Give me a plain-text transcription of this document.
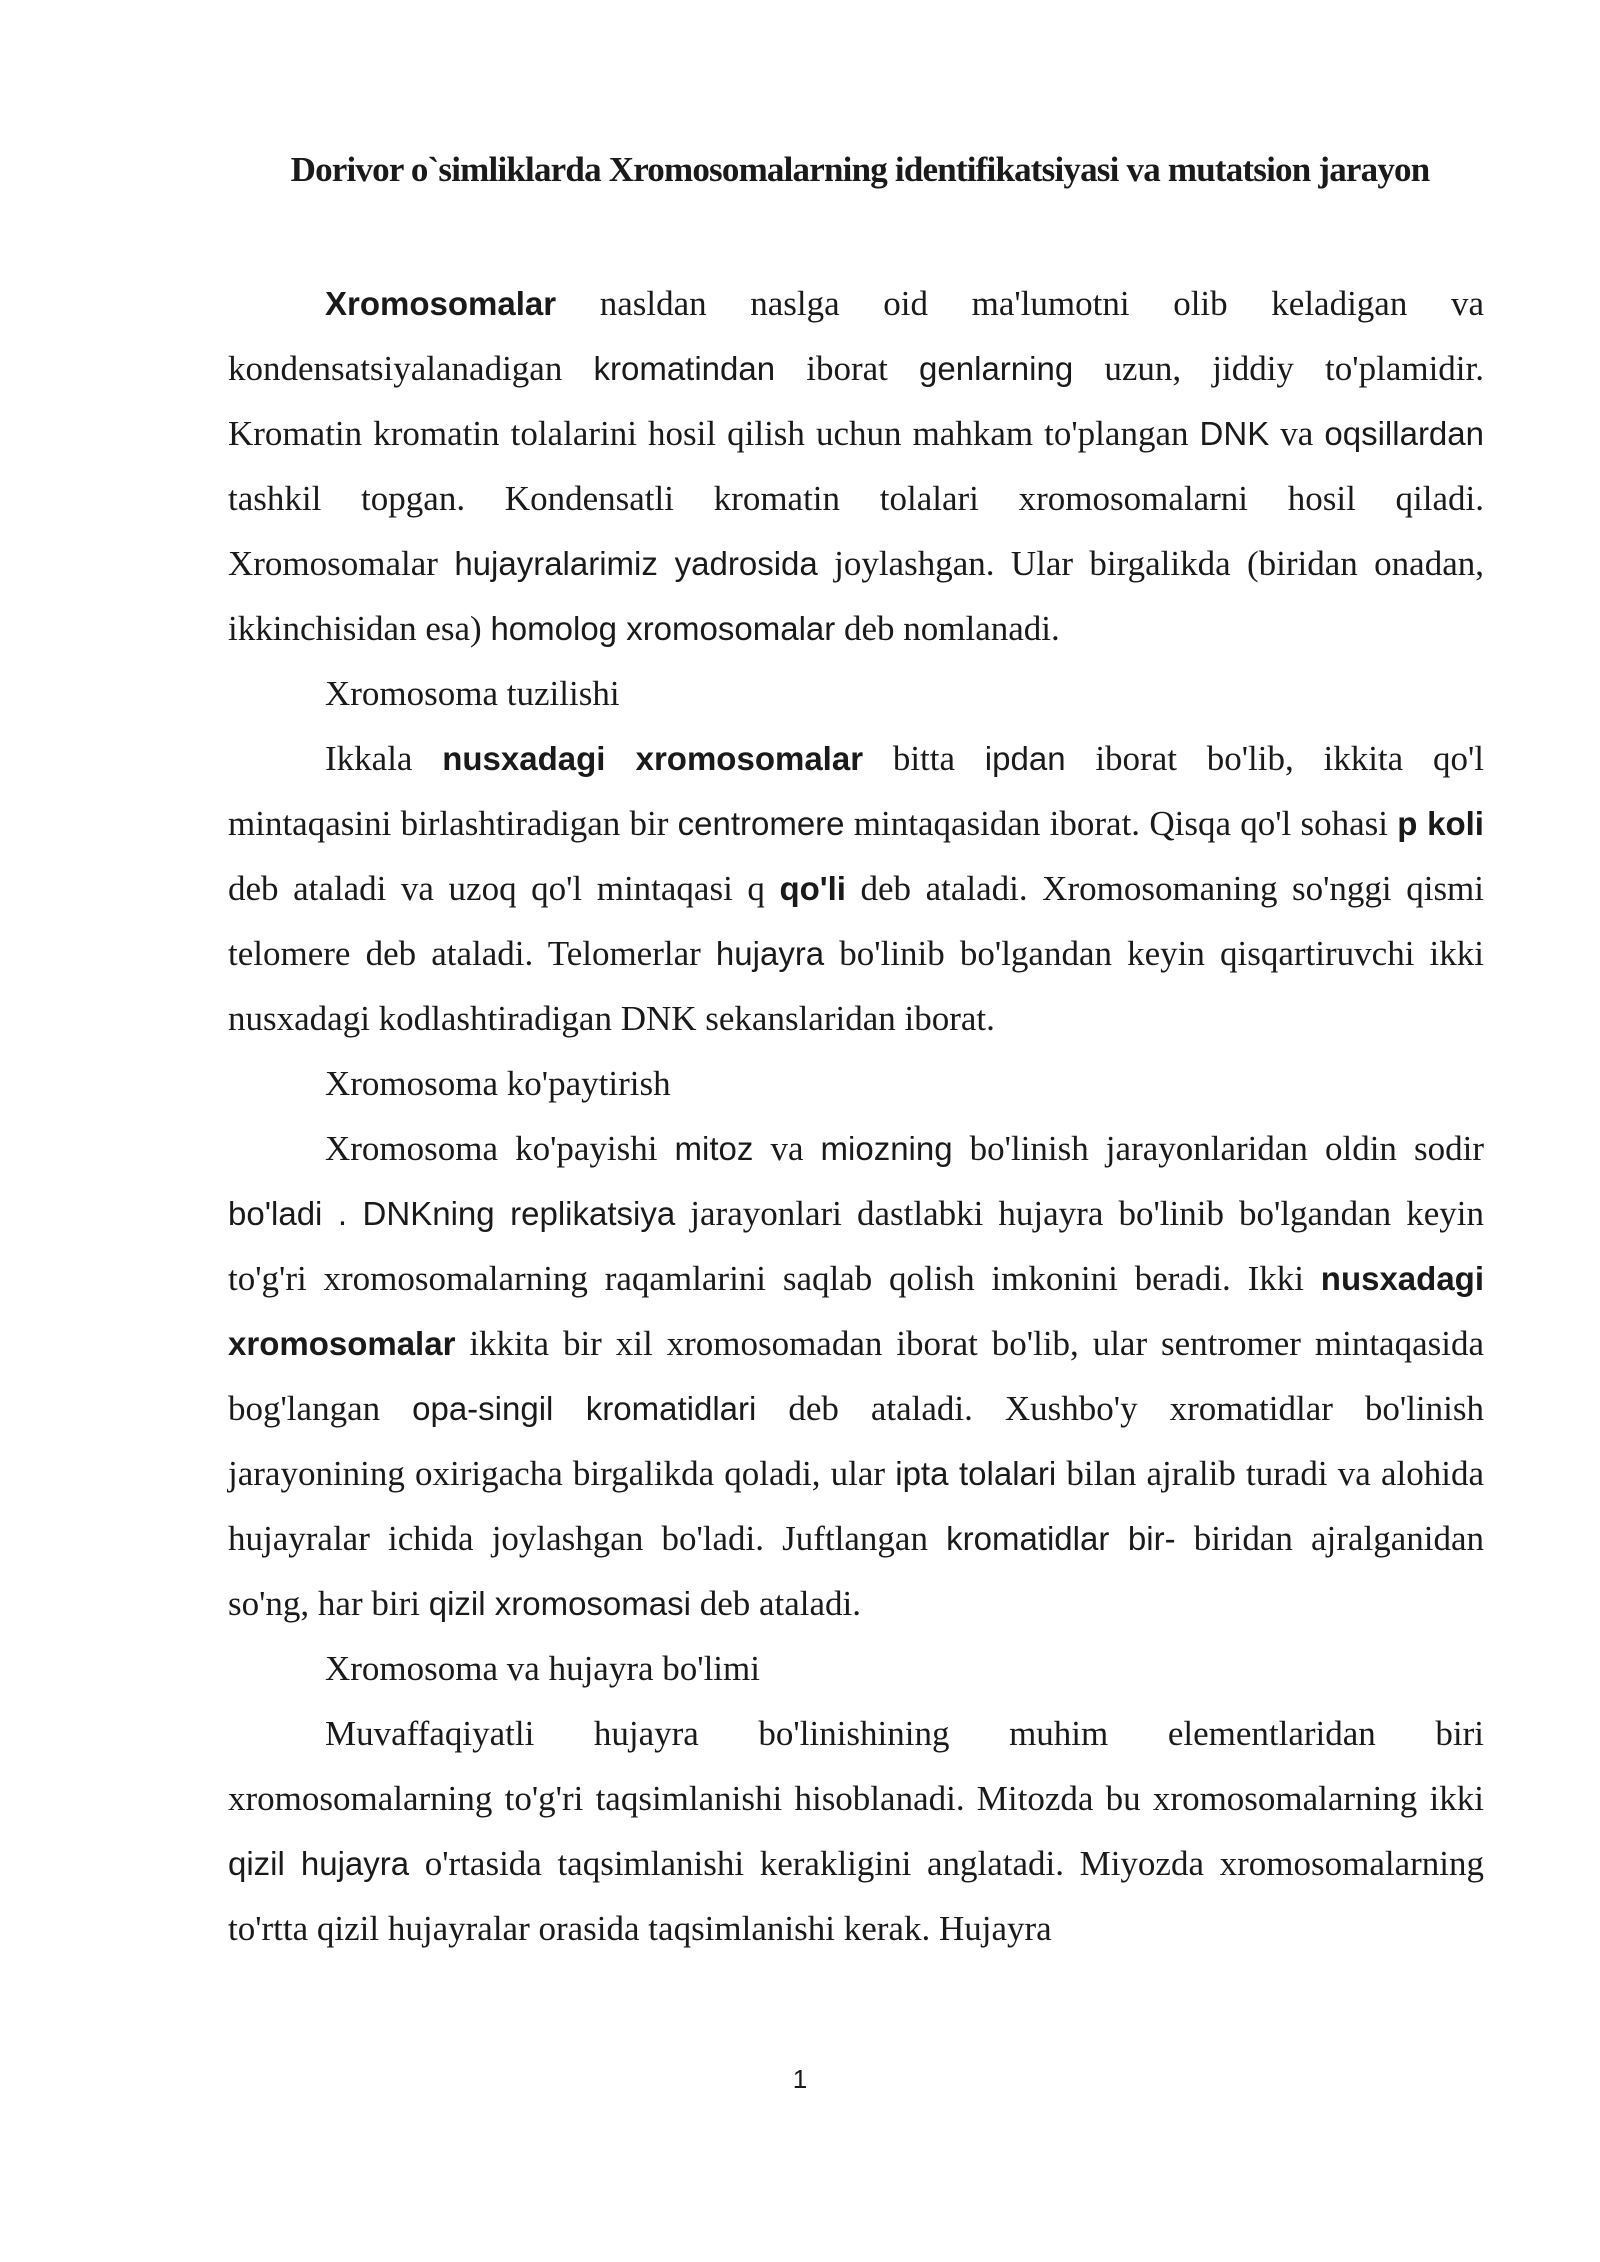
Dorivor o`simliklarda Xromosomalarning identifikatsiyasi va mutatsion jarayon

Xromosomalar nasldan naslga oid ma'lumotni olib keladigan va kondensatsiyalanadigan kromatindan iborat genlarning uzun, jiddiy to'plamidir. Kromatin kromatin tolalarini hosil qilish uchun mahkam to'plangan DNK va oqsillardan tashkil topgan. Kondensatli kromatin tolalari xromosomalarni hosil qiladi. Xromosomalar hujayralarimiz yadrosida joylashgan. Ular birgalikda (biridan onadan, ikkinchisidan esa) homolog xromosomalar deb nomlanadi.

Xromosoma tuzilishi

Ikkala nusxadagi xromosomalar bitta ipdan iborat bo'lib, ikkita qo'l mintaqasini birlashtiradigan bir centromere mintaqasidan iborat. Qisqa qo'l sohasi p koli deb ataladi va uzoq qo'l mintaqasi q qo'li deb ataladi. Xromosomaning so'nggi qismi telomere deb ataladi. Telomerlar hujayra bo'linib bo'lgandan keyin qisqartiruvchi ikki nusxadagi kodlashtiradigan DNK sekanslaridan iborat.

Xromosoma ko'paytirish

Xromosoma ko'payishi mitoz va miozning bo'linish jarayonlaridan oldin sodir bo'ladi . DNKning replikatsiya jarayonlari dastlabki hujayra bo'linib bo'lgandan keyin to'g'ri xromosomalarning raqamlarini saqlab qolish imkonini beradi. Ikki nusxadagi xromosomalar ikkita bir xil xromosomadan iborat bo'lib, ular sentromer mintaqasida bog'langan opa-singil kromatidlari deb ataladi. Xushbo'y xromatidlar bo'linish jarayonining oxirigacha birgalikda qoladi, ular ipta tolalari bilan ajralib turadi va alohida hujayralar ichida joylashgan bo'ladi. Juftlangan kromatidlar bir- biridan ajralganidan so'ng, har biri qizil xromosomasi deb ataladi.

Xromosoma va hujayra bo'limi

Muvaffaqiyatli hujayra bo'linishining muhim elementlaridan biri xromosomalarning to'g'ri taqsimlanishi hisoblanadi. Mitozda bu xromosomalarning ikki qizil hujayra o'rtasida taqsimlanishi kerakligini anglatadi. Miyozda xromosomalarning to'rtta qizil hujayralar orasida taqsimlanishi kerak. Hujayra

1
